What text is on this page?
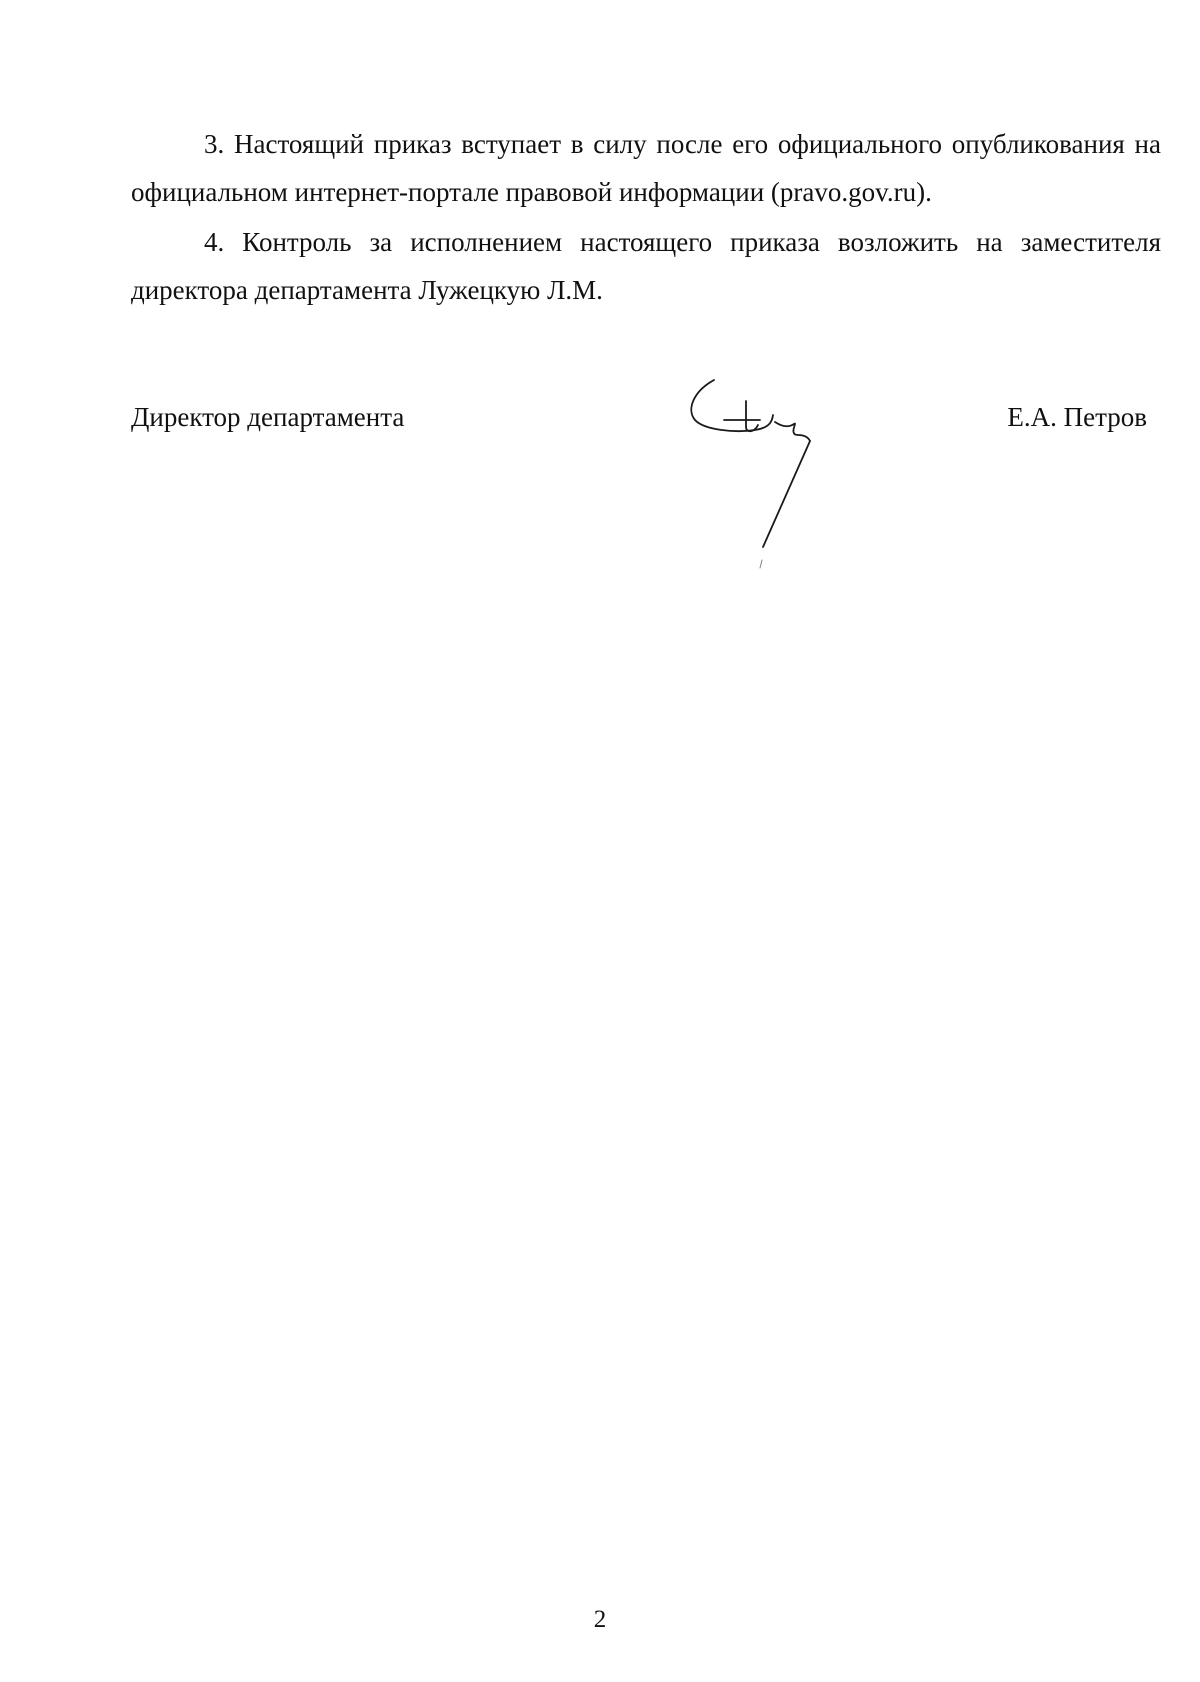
3. Настоящий приказ вступает в силу после его официального опубликования на официальном интернет-портале правовой информации (pravo.gov.ru).

4. Контроль за исполнением настоящего приказа возложить на заместителя директора департамента Лужецкую Л.М.

Директор департамента	Е.А. Петров
2
